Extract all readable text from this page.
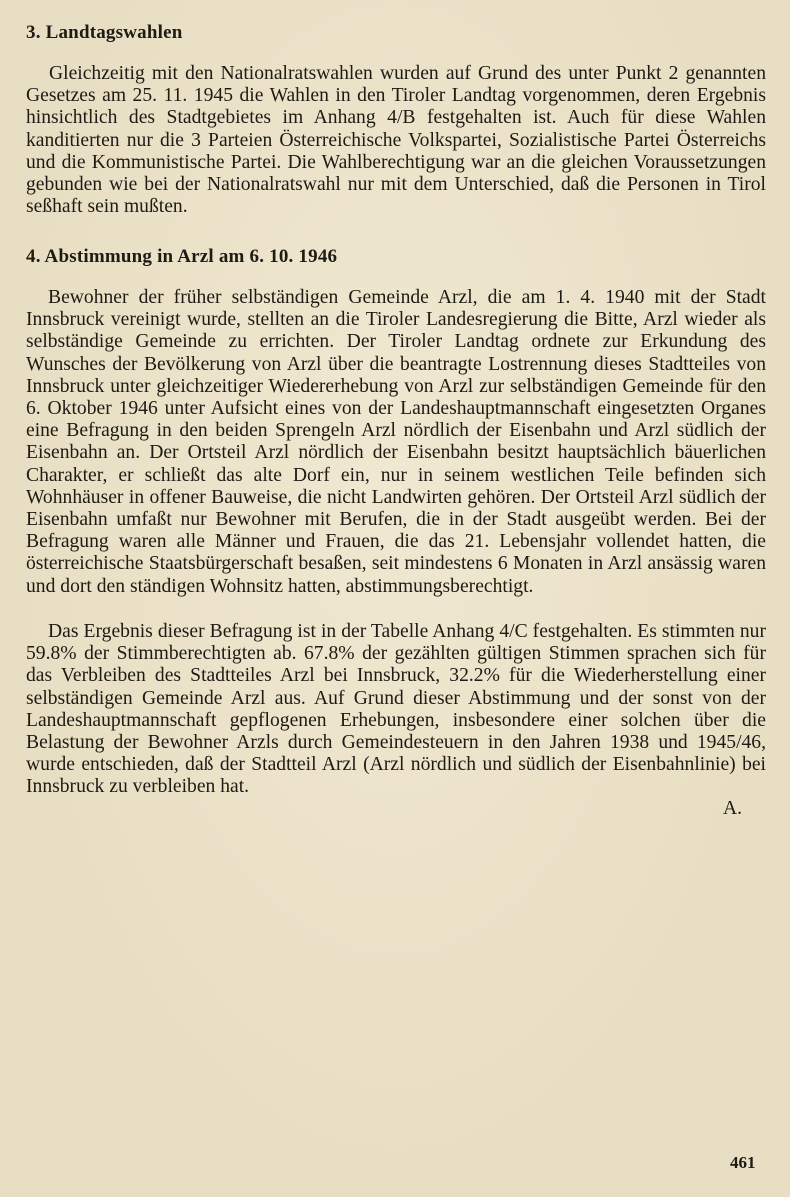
3. Landtagswahlen

Gleichzeitig mit den Nationalratswahlen wurden auf Grund des unter Punkt 2 genannten Gesetzes am 25. 11. 1945 die Wahlen in den Tiroler Landtag vorgenommen, deren Ergebnis hinsichtlich des Stadtgebietes im Anhang 4/B festgehalten ist. Auch für diese Wahlen kanditierten nur die 3 Parteien Österreichische Volkspartei, Sozialistische Partei Österreichs und die Kommunistische Partei. Die Wahlberechtigung war an die gleichen Voraussetzungen gebunden wie bei der Nationalratswahl nur mit dem Unterschied, daß die Personen in Tirol seßhaft sein mußten.

4. Abstimmung in Arzl am 6. 10. 1946

Bewohner der früher selbständigen Gemeinde Arzl, die am 1. 4. 1940 mit der Stadt Innsbruck vereinigt wurde, stellten an die Tiroler Landesregierung die Bitte, Arzl wieder als selbständige Gemeinde zu errichten. Der Tiroler Landtag ordnete zur Erkundung des Wunsches der Bevölkerung von Arzl über die beantragte Lostrennung dieses Stadtteiles von Innsbruck unter gleichzeitiger Wiedererhebung von Arzl zur selbständigen Gemeinde für den 6. Oktober 1946 unter Aufsicht eines von der Landeshauptmannschaft eingesetzten Organes eine Befragung in den beiden Sprengeln Arzl nördlich der Eisenbahn und Arzl südlich der Eisenbahn an. Der Ortsteil Arzl nördlich der Eisenbahn besitzt hauptsächlich bäuerlichen Charakter, er schließt das alte Dorf ein, nur in seinem westlichen Teile befinden sich Wohnhäuser in offener Bauweise, die nicht Landwirten gehören. Der Ortsteil Arzl südlich der Eisenbahn umfaßt nur Bewohner mit Berufen, die in der Stadt ausgeübt werden. Bei der Befragung waren alle Männer und Frauen, die das 21. Lebensjahr vollendet hatten, die österreichische Staatsbürgerschaft besaßen, seit mindestens 6 Monaten in Arzl ansässig waren und dort den ständigen Wohnsitz hatten, abstimmungsberechtigt.

Das Ergebnis dieser Befragung ist in der Tabelle Anhang 4/C festgehalten. Es stimmten nur 59.8% der Stimmberechtigten ab. 67.8% der gezählten gültigen Stimmen sprachen sich für das Verbleiben des Stadtteiles Arzl bei Innsbruck, 32.2% für die Wiederherstellung einer selbständigen Gemeinde Arzl aus. Auf Grund dieser Abstimmung und der sonst von der Landeshauptmannschaft gepflogenen Erhebungen, insbesondere einer solchen über die Belastung der Bewohner Arzls durch Gemeindesteuern in den Jahren 1938 und 1945/46, wurde entschieden, daß der Stadtteil Arzl (Arzl nördlich und südlich der Eisenbahnlinie) bei Innsbruck zu verbleiben hat.

A.
461
